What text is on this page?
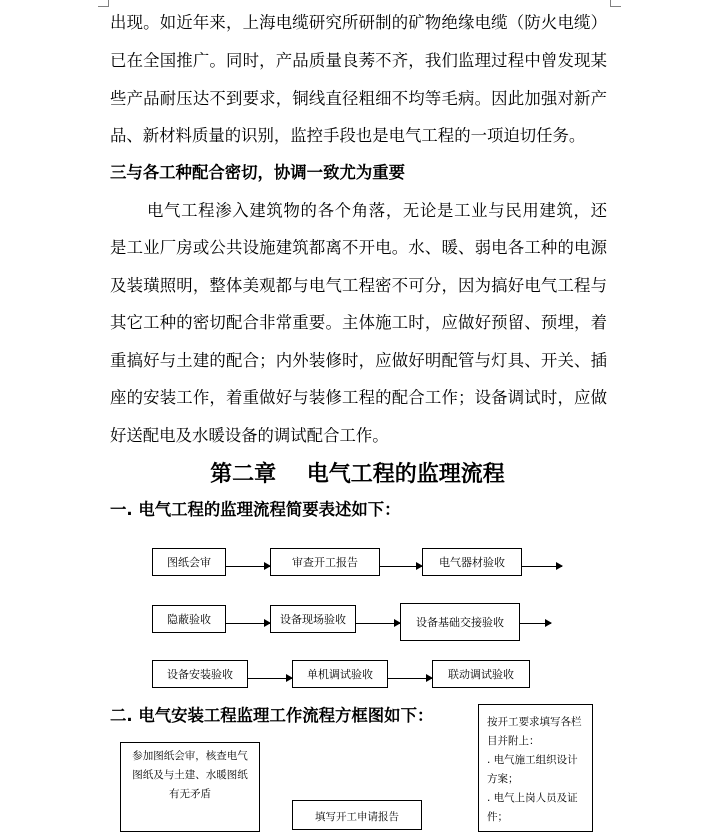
出现。如近年来，上海电缆研究所研制的矿物绝缘电缆（防火电缆）
已在全国推广。同时，产品质量良莠不齐，我们监理过程中曾发现某
些产品耐压达不到要求，铜线直径粗细不均等毛病。因此加强对新产
品、新材料质量的识别，监控手段也是电气工程的一项迫切任务。
三与各工种配合密切，协调一致尤为重要
电气工程渗入建筑物的各个角落，无论是工业与民用建筑，还
是工业厂房或公共设施建筑都离不开电。水、暖、弱电各工种的电源
及装璜照明，整体美观都与电气工程密不可分，因为搞好电气工程与
其它工种的密切配合非常重要。主体施工时，应做好预留、预埋，着
重搞好与土建的配合；内外装修时，应做好明配管与灯具、开关、插
座的安装工作，着重做好与装修工程的配合工作；设备调试时，应做
好送配电及水暖设备的调试配合工作。
第二章    电气工程的监理流程
一. 电气工程的监理流程简要表述如下：
图纸会审	审查开工报告	电气器材验收
隐蔽验收	设备现场验收	设备基础交接验收
设备安装验收	单机调试验收	联动调试验收
二. 电气安装工程监理工作流程方框图如下：
参加图纸会审，核查电气
图纸及与土建、水暖图纸
有无矛盾
填写开工申请报告
按开工要求填写各栏
目并附上：
. 电气施工组织设计
方案；
. 电气上岗人员及证
件；
